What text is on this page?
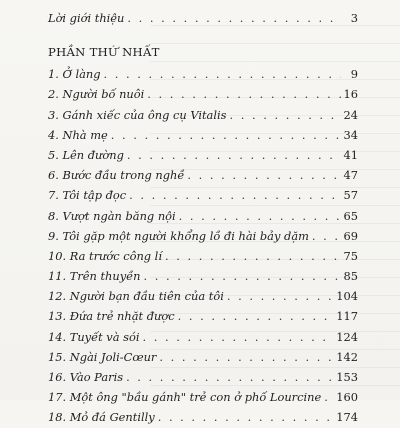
Lời giới thiệu . . .	3
PHẦN THỨ NHẤT
1. Ở làng . . .	9
2. Người bố nuôi . . .	16
3. Gánh xiếc của ông cụ Vitalis . . .	24
4. Nhà mẹ . . .	34
5. Lên đường . . .	41
6. Bước đầu trong nghề . . .	47
7. Tôi tập đọc . . .	57
8. Vượt ngàn băng nội . . .	65
9. Tôi gặp một người khổng lồ đi hài bảy dặm . . .	69
10. Ra trước công lí . . .	75
11. Trên thuyền . . .	85
12. Người bạn đầu tiên của tôi . . .	104
13. Đứa trẻ nhặt được . . .	117
14. Tuyết và sói . . .	124
15. Ngài Joli-Cœur . . .	142
16. Vào Paris . . .	153
17. Một ông "bầu gánh" trẻ con ở phố Lourcine . . . 160
18. Mỏ đá Gentilly . . .	174
